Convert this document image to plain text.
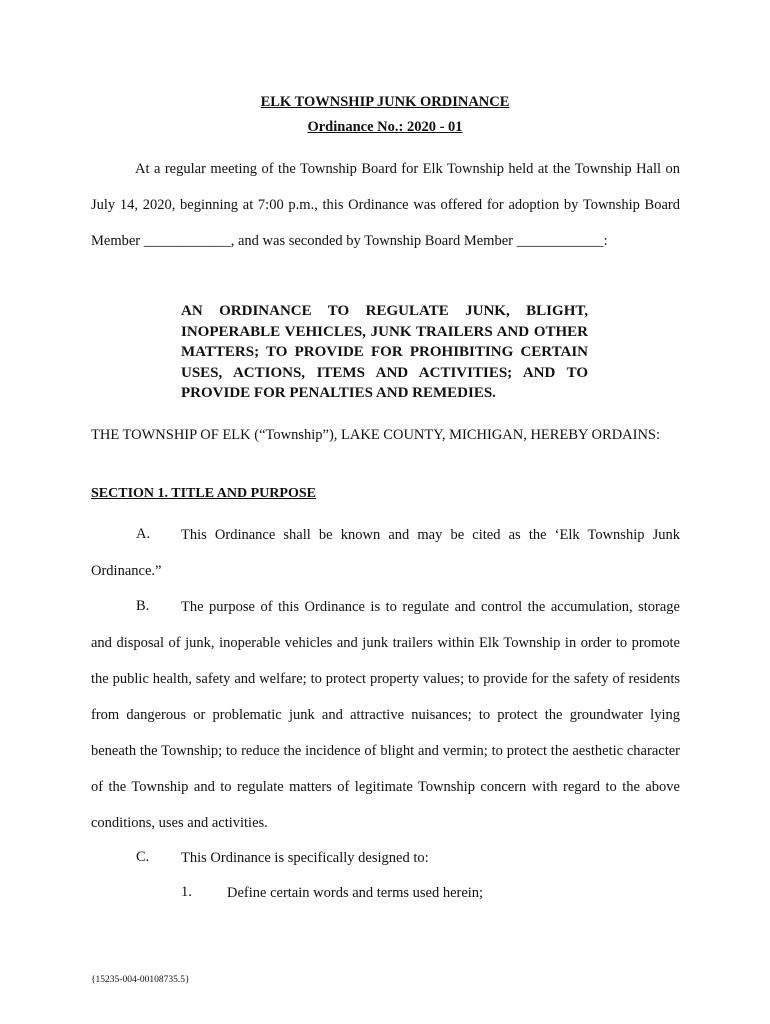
ELK TOWNSHIP JUNK ORDINANCE
Ordinance No.: 2020 - 01
At a regular meeting of the Township Board for Elk Township held at the Township Hall on July 14, 2020, beginning at 7:00 p.m., this Ordinance was offered for adoption by Township Board Member ____________, and was seconded by Township Board Member ____________:
AN ORDINANCE TO REGULATE JUNK, BLIGHT, INOPERABLE VEHICLES, JUNK TRAILERS AND OTHER MATTERS; TO PROVIDE FOR PROHIBITING CERTAIN USES, ACTIONS, ITEMS AND ACTIVITIES; AND TO PROVIDE FOR PENALTIES AND REMEDIES.
THE TOWNSHIP OF ELK (“Township”), LAKE COUNTY, MICHIGAN, HEREBY ORDAINS:
SECTION 1. TITLE AND PURPOSE
A.	This Ordinance shall be known and may be cited as the ‘Elk Township Junk Ordinance.”
B.	The purpose of this Ordinance is to regulate and control the accumulation, storage and disposal of junk, inoperable vehicles and junk trailers within Elk Township in order to promote the public health, safety and welfare; to protect property values; to provide for the safety of residents from dangerous or problematic junk and attractive nuisances; to protect the groundwater lying beneath the Township; to reduce the incidence of blight and vermin; to protect the aesthetic character of the Township and to regulate matters of legitimate Township concern with regard to the above conditions, uses and activities.
C. This Ordinance is specifically designed to:
1. Define certain words and terms used herein;
{15235-004-00108735.5}
